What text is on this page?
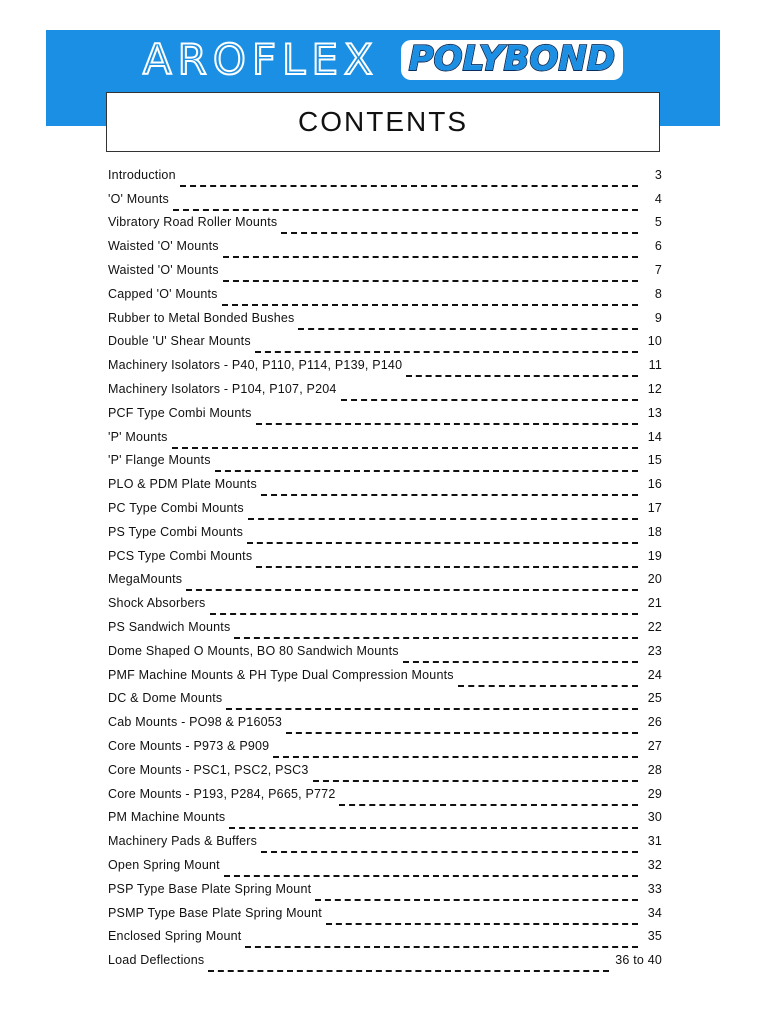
AROFLEX POLYBOND
CONTENTS
Introduction	3
'O' Mounts	4
Vibratory Road Roller Mounts	5
Waisted 'O' Mounts	6
Waisted 'O' Mounts	7
Capped 'O' Mounts	8
Rubber to Metal Bonded Bushes	9
Double 'U' Shear Mounts	10
Machinery Isolators - P40, P110, P114, P139, P140	11
Machinery Isolators - P104, P107, P204	12
PCF Type Combi Mounts	13
'P' Mounts	14
'P' Flange Mounts	15
PLO & PDM Plate Mounts	16
PC Type Combi Mounts	17
PS Type Combi Mounts	18
PCS Type Combi Mounts	19
MegaMounts	20
Shock Absorbers	21
PS Sandwich Mounts	22
Dome Shaped O Mounts, BO 80 Sandwich Mounts	23
PMF Machine Mounts & PH Type Dual Compression Mounts	24
DC & Dome Mounts	25
Cab Mounts - PO98 & P16053	26
Core Mounts - P973 & P909	27
Core Mounts - PSC1, PSC2, PSC3	28
Core Mounts - P193, P284, P665, P772	29
PM Machine Mounts	30
Machinery Pads & Buffers	31
Open Spring Mount	32
PSP Type Base Plate Spring Mount	33
PSMP Type Base Plate Spring Mount	34
Enclosed Spring Mount	35
Load Deflections	36 to 40
